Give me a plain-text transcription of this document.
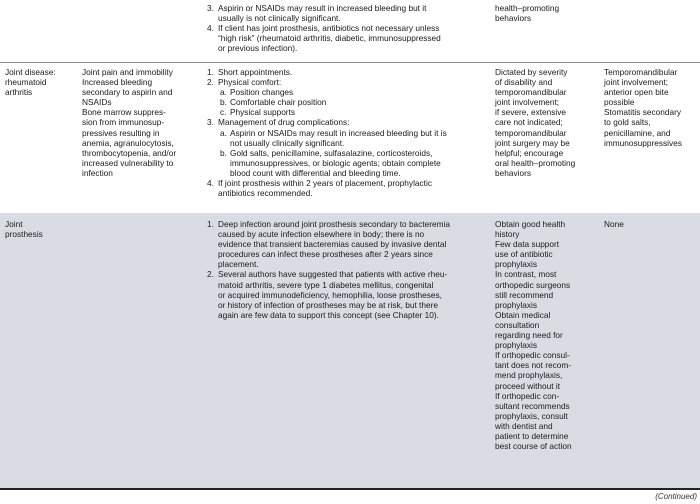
3. Aspirin or NSAIDs may result in increased bleeding but it
usually is not clinically significant.
4. If client has joint prosthesis, antibiotics not necessary unless
“high risk” (rheumatoid arthritis, diabetic, immunosuppressed
or previous infection).
health–promoting
behaviors
Joint disease:
rheumatoid
arthritis
Joint pain and immobility
Increased bleeding
secondary to aspirin and
NSAIDs
Bone marrow suppres-
sion from immunosup-
pressives resulting in
anemia, agranulocytosis,
thrombocytopenia, and/or
increased vulnerability to
infection
1. Short appointments.
2. Physical comfort:
a. Position changes
b. Comfortable chair position
c. Physical supports
3. Management of drug complications:
a. Aspirin or NSAIDs may result in increased bleeding but it is
not usually clinically significant.
b. Gold salts, penicillamine, sulfasalazine, corticosteroids,
immunosuppressives, or biologic agents; obtain complete
blood count with differential and bleeding time.
4. If joint prosthesis within 2 years of placement, prophylactic
antibiotics recommended.
Dictated by severity
of disability and
temporomandibular
joint involvement;
if severe, extensive
care not indicated;
temporomandibular
joint surgery may be
helpful; encourage
oral health–promoting
behaviors
Temporomandibular
joint involvement;
anterior open bite
possible
Stomatitis secondary
to gold salts,
penicillamine, and
immunosuppressives
Joint
prosthesis
1. Deep infection around joint prosthesis secondary to bacteremia
caused by acute infection elsewhere in body; there is no
evidence that transient bacteremias caused by invasive dental
procedures can infect these prostheses after 2 years since
placement.
2. Several authors have suggested that patients with active rheu-
matoid arthritis, severe type 1 diabetes mellitus, congenital
or acquired immunodeficiency, hemophilia, loose prostheses,
or history of infection of prostheses may be at risk, but there
again are few data to support this concept (see Chapter 10).
Obtain good health
history
Few data support
use of antibiotic
prophylaxis
In contrast, most
orthopedic surgeons
still recommend
prophylaxis
Obtain medical
consultation
regarding need for
prophylaxis
If orthopedic consul-
tant does not recom-
mend prophylaxis,
proceed without it
If orthopedic con-
sultant recommends
prophylaxis, consult
with dentist and
patient to determine
best course of action
None
(Continued)
